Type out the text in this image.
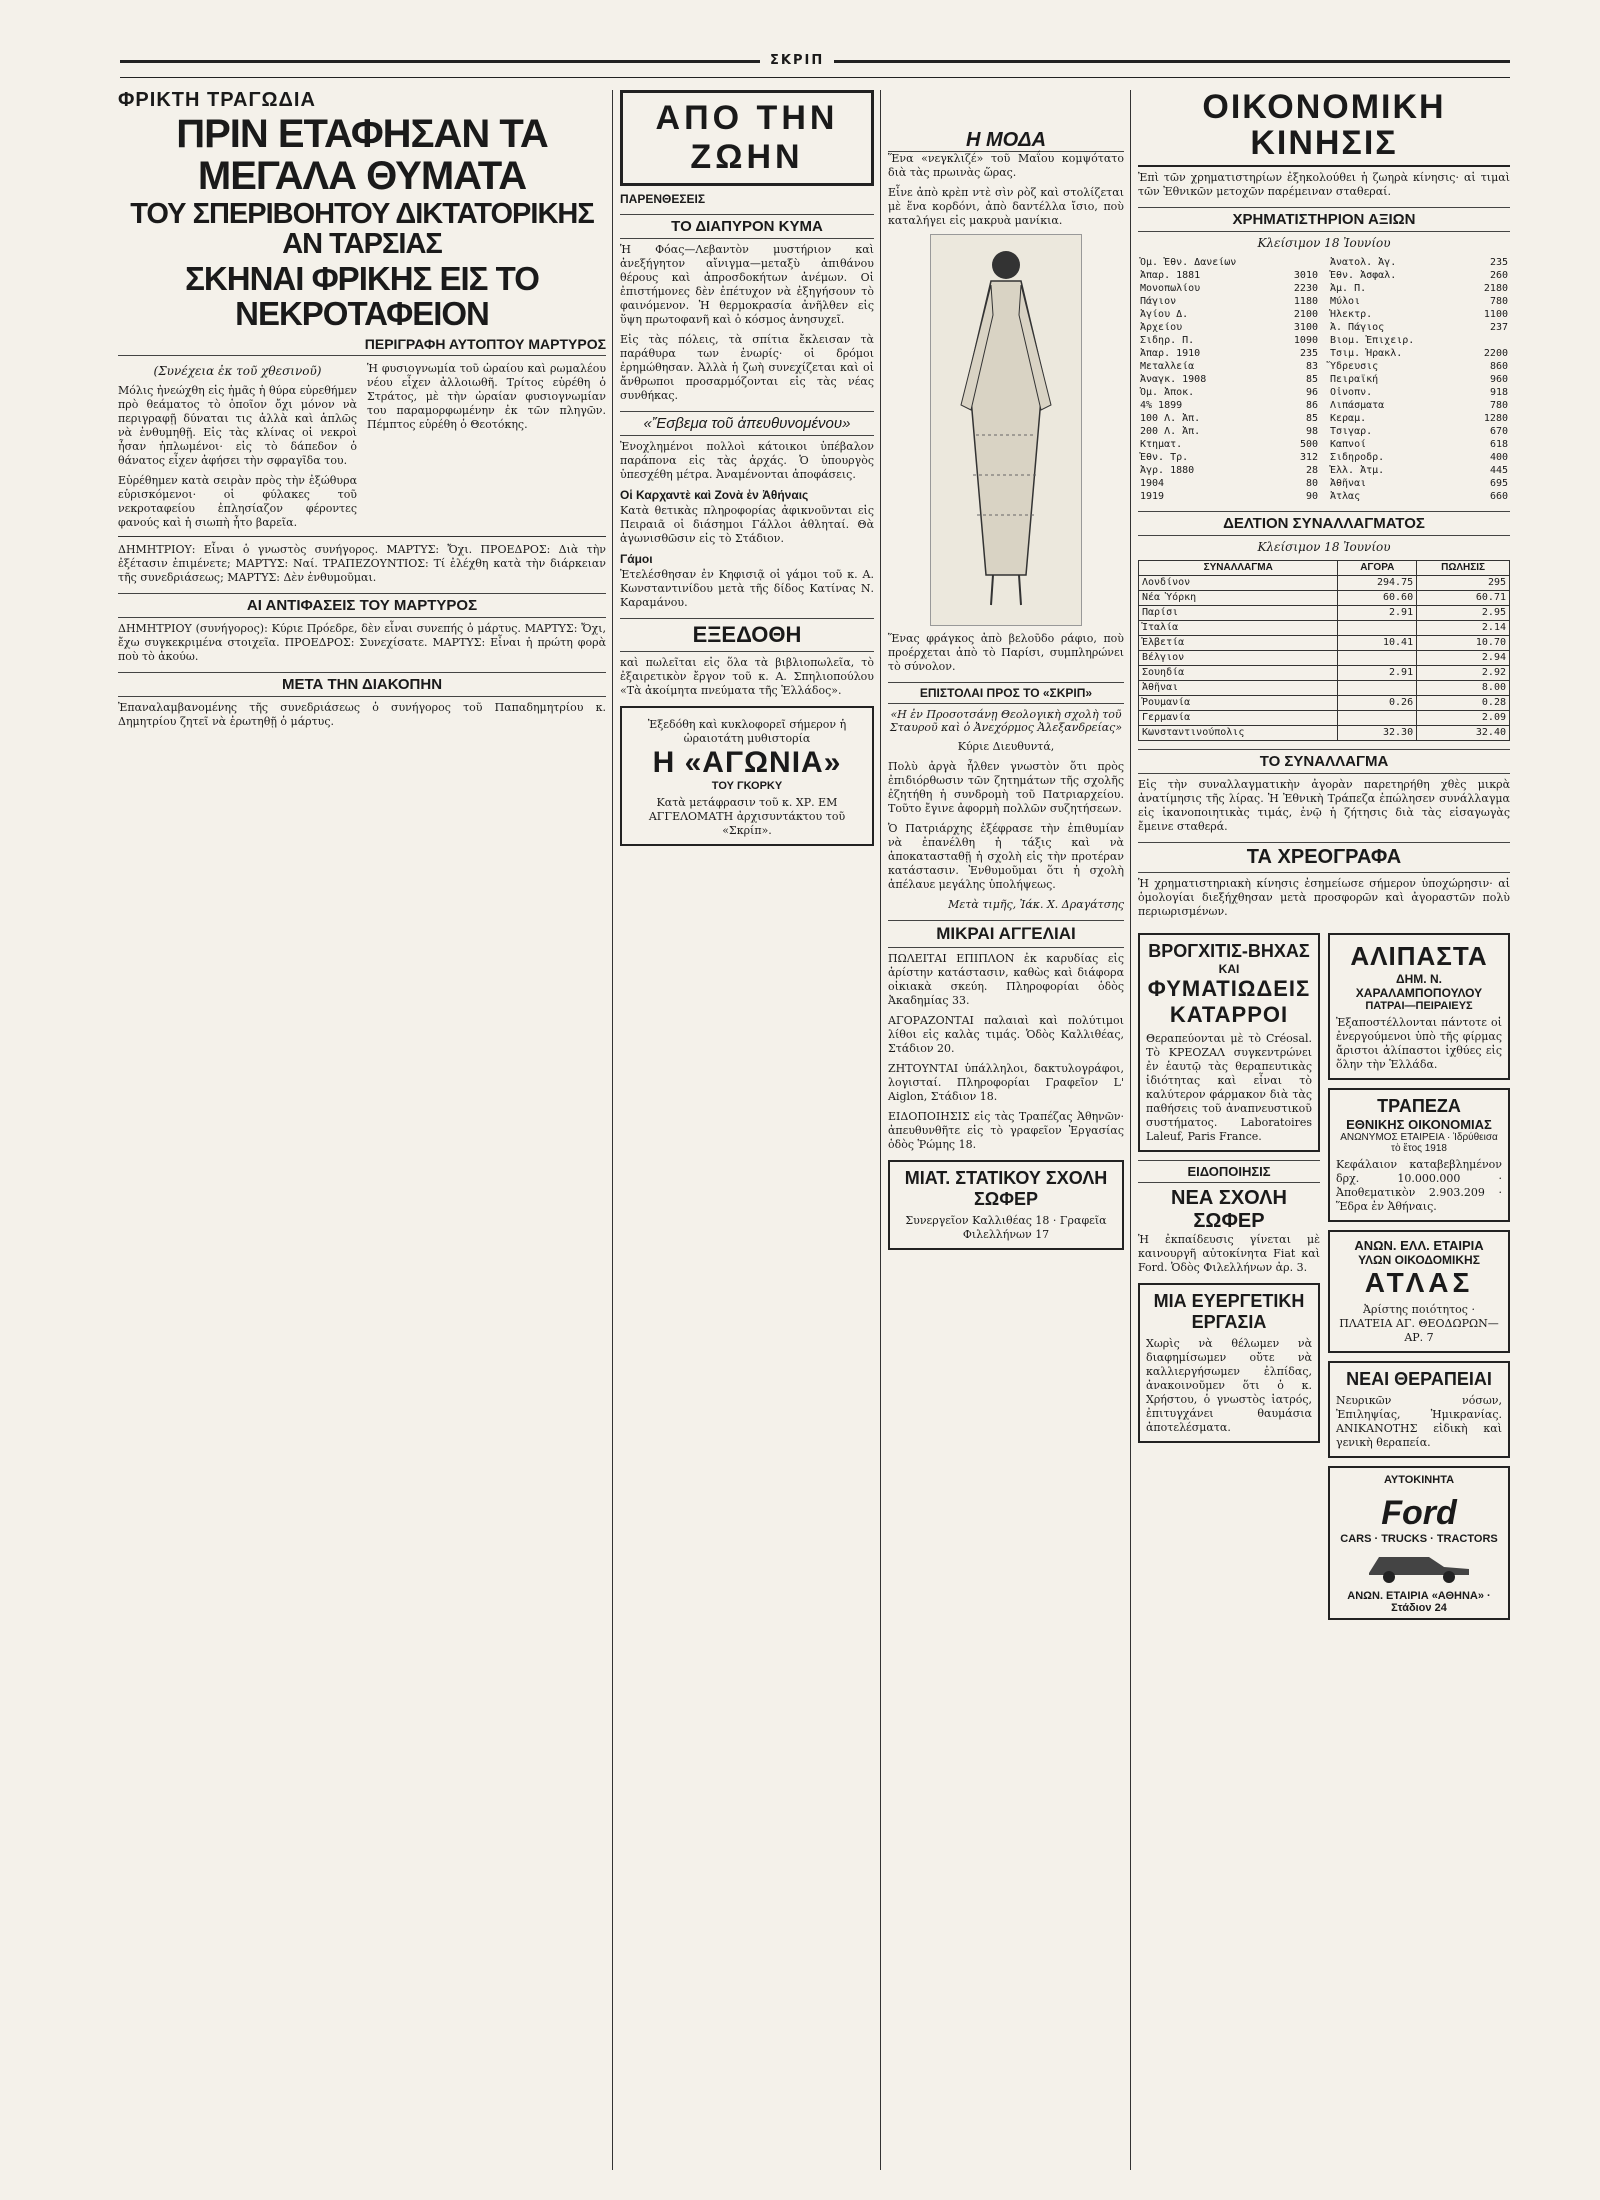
ΣΚΡΙΠ
ΦΡΙΚΤΗ ΤΡΑΓΩΔΙΑ
ΠΡΙΝ ΕΤΑΦΗΣΑΝ ΤΑ ΜΕΓΑΛΑ ΘΥΜΑΤΑ
ΤΟΥ ΣΠΕΡΙΒΟΗΤΟΥ ΔΙΚΤΑΤΟΡΙΚΗΣ ΑΝ ΤΑΡΣΙΑΣ
ΣΚΗΝΑΙ ΦΡΙΚΗΣ ΕΙΣ ΤΟ ΝΕΚΡΟΤΑΦΕΙΟΝ
ΠΕΡΙΓΡΑΦΗ ΑΥΤΟΠΤΟΥ ΜΑΡΤΥΡΟΣ
(Συνέχεια ἐκ τοῦ χθεσινοῦ)

Μόλις ἠνεώχθη εἰς ἡμᾶς ἡ θύρα εὐρεθήμεν πρὸ θεάματος τὸ ὁποῖον ὄχι μόνον νὰ περιγραφῇ δύναται τις ἀλλὰ καὶ ἁπλῶς νὰ ἐνθυμηθῇ. Εἰς τὰς κλίνας οἱ νεκροὶ ἦσαν ἠπλωμένοι· εἰς τὸ δάπεδον ὁ θάνατος εἶχεν ἀφήσει τὴν σφραγῖδα του.

Εὑρέθημεν κατὰ σειρὰν πρὸς τὴν ἐξώθυρα εὑρισκόμενοι· οἱ φύλακες τοῦ νεκροταφείου ἐπλησίαζον φέροντες φανούς καὶ ἡ σιωπὴ ἦτο βαρεῖα.

Ἡ φυσιογνωμία τοῦ ὡραίου καὶ ρωμαλέου νέου εἶχεν ἀλλοιωθῆ. Τρίτος εὑρέθη ὁ Στράτος, μὲ τὴν ὡραίαν φυσιογνωμίαν του παραμορφωμένην ἐκ τῶν πληγῶν. Πέμπτος εὑρέθη ὁ Θεοτόκης.

ΔΗΜΗΤΡΙΟΥ: Εἶναι ὁ γνωστὸς συνήγορος. ΜΑΡΤΥΣ: Ὄχι. ΠΡΟΕΔΡΟΣ: Διὰ τὴν ἐξέτασιν ἐπιμένετε; ΜΑΡΤΥΣ: Ναί. ΤΡΑΠΕΖΟΥΝΤΙΟΣ: Τί ἐλέχθη κατὰ τὴν διάρκειαν τῆς συνεδριάσεως; ΜΑΡΤΥΣ: Δὲν ἐνθυμοῦμαι.

ΑΙ ΑΝΤΙΦΑΣΕΙΣ ΤΟΥ ΜΑΡΤΥΡΟΣ

ΔΗΜΗΤΡΙΟΥ (συνήγορος): Κύριε Πρόεδρε, δὲν εἶναι συνεπής ὁ μάρτυς. ΜΑΡΤΥΣ: Ὄχι, ἔχω συγκεκριμένα στοιχεῖα. ΠΡΟΕΔΡΟΣ: Συνεχίσατε. ΜΑΡΤΥΣ: Εἶναι ἡ πρώτη φορὰ ποὺ τὸ ἀκούω.

ΜΕΤΑ ΤΗΝ ΔΙΑΚΟΠΗΝ

Ἐπαναλαμβανομένης τῆς συνεδριάσεως ὁ συνήγορος τοῦ Παπαδημητρίου κ. Δημητρίου ζητεῖ νὰ ἐρωτηθῇ ὁ μάρτυς.

ΑΠΟ ΤΗΝ ΖΩΗΝ
ΠΑΡΕΝΘΕΣΕΙΣ
ΤΟ ΔΙΑΠΥΡΟΝ ΚΥΜΑ

Ἡ Φόας—Λεβαντὸν μυστήριον καὶ ἀνεξήγητον αἴνιγμα—μεταξὺ ἀπιθάνου θέρους καὶ ἀπροσδοκήτων ἀνέμων. Οἱ ἐπιστήμονες δὲν ἐπέτυχον νὰ ἐξηγήσουν τὸ φαινόμενον. Ἡ θερμοκρασία ἀνῆλθεν εἰς ὕψη πρωτοφανῆ καὶ ὁ κόσμος ἀνησυχεῖ.

Εἰς τὰς πόλεις, τὰ σπίτια ἔκλεισαν τὰ παράθυρα των ἐνωρίς· οἱ δρόμοι ἐρημώθησαν. Ἀλλὰ ἡ ζωὴ συνεχίζεται καὶ οἱ ἄνθρωποι προσαρμόζονται εἰς τὰς νέας συνθήκας.

«Ἔσβεμα τοῦ ἀπευθυνομένου»

Ἐνοχλημένοι πολλοὶ κάτοικοι ὑπέβαλον παράπονα εἰς τὰς ἀρχάς. Ὁ ὑπουργὸς ὑπεσχέθη μέτρα. Ἀναμένονται ἀποφάσεις.

Οἱ Καρχαντὲ καὶ Ζονὰ ἐν Ἀθήναις

Κατὰ θετικὰς πληροφορίας ἀφικνοῦνται εἰς Πειραιᾶ οἱ διάσημοι Γάλλοι ἀθληταί. Θὰ ἀγωνισθῶσιν εἰς τὸ Στάδιον.

Γάμοι

Ἐτελέσθησαν ἐν Κηφισιᾷ οἱ γάμοι τοῦ κ. Α. Κωνσταντινίδου μετὰ τῆς δίδος Κατίνας Ν. Καραμάνου.

ΕΞΕΔΟΘΗ

καὶ πωλεῖται εἰς ὅλα τὰ βιβλιοπωλεῖα, τὸ ἐξαιρετικὸν ἔργον τοῦ κ. Α. Σπηλιοπούλου «Τὰ ἀκοίμητα πνεύματα τῆς Ἑλλάδος».

Ἐξεδόθη καὶ κυκλοφορεῖ σήμερον ἡ ὡραιοτάτη μυθιστορία
Η «ΑΓΩΝΙΑ»
ΤΟΥ ΓΚΟΡΚΥ
Κατὰ μετάφρασιν τοῦ κ. ΧΡ. ΕΜ ΑΓΓΕΛΟΜΑΤΗ ἀρχισυντάκτου τοῦ «Σκρίπ».
Η ΜΟΔΑ

Ἕνα «νεγκλιζέ» τοῦ Μαΐου κομψότατο διὰ τὰς πρωινὰς ὥρας.

Εἶνε ἀπὸ κρὲπ ντὲ σὶν ρὸζ καὶ στολίζεται μὲ ἕνα κορδόνι, ἀπὸ δαντέλλα ἴσιο, ποὺ καταλήγει εἰς μακρυὰ μανίκια.

Ἕνας φράγκος ἀπὸ βελοῦδο ράφιο, ποὺ προέρχεται ἀπὸ τὸ Παρίσι, συμπληρώνει τὸ σύνολον.

ΕΠΙΣΤΟΛΑΙ ΠΡΟΣ ΤΟ «ΣΚΡΙΠ»
«Η ἐν Προσοτσάνῃ Θεολογικὴ σχολὴ τοῦ Σταυροῦ καὶ ὁ Ἀνεχόρμος Ἀλεξανδρείας»
Κύριε Διευθυντά,

Πολὺ ἀργὰ ἦλθεν γνωστὸν ὅτι πρὸς ἐπιδιόρθωσιν τῶν ζητημάτων τῆς σχολῆς ἐζητήθη ἡ συνδρομὴ τοῦ Πατριαρχείου. Τοῦτο ἔγινε ἀφορμὴ πολλῶν συζητήσεων.

Ὁ Πατριάρχης ἐξέφρασε τὴν ἐπιθυμίαν νὰ ἐπανέλθη ἡ τάξις καὶ νὰ ἀποκατασταθῇ ἡ σχολὴ εἰς τὴν προτέραν κατάστασιν. Ἐνθυμοῦμαι ὅτι ἡ σχολὴ ἀπέλαυε μεγάλης ὑπολήψεως.

Μετὰ τιμῆς, Ἰάκ. Χ. Δραγάτσης
ΜΙΚΡΑΙ ΑΓΓΕΛΙΑΙ

ΠΩΛΕΙΤΑΙ ΕΠΙΠΛΟΝ ἐκ καρυδίας εἰς ἀρίστην κατάστασιν, καθὼς καὶ διάφορα οἰκιακὰ σκεύη. Πληροφορίαι ὁδὸς Ἀκαδημίας 33.

ΑΓΟΡΑΖΟΝΤΑΙ παλαιαὶ καὶ πολύτιμοι λίθοι εἰς καλὰς τιμάς. Ὁδὸς Καλλιθέας, Στάδιον 20.

ΖΗΤΟΥΝΤΑΙ ὑπάλληλοι, δακτυλογράφοι, λογισταί. Πληροφορίαι Γραφεῖον L' Aiglon, Στάδιον 18.

ΕΙΔΟΠΟΙΗΣΙΣ εἰς τὰς Τραπέζας Ἀθηνῶν· ἀπευθυνθῆτε εἰς τὸ γραφεῖον Ἐργασίας ὁδὸς Ῥώμης 18.

ΜΙΑΤ. ΣΤΑΤΙΚΟΥ ΣΧΟΛΗ ΣΩΦΕΡ
Συνεργεῖον Καλλιθέας 18 · Γραφεῖα Φιλελλήνων 17
ΟΙΚΟΝΟΜΙΚΗ ΚΙΝΗΣΙΣ

Ἐπὶ τῶν χρηματιστηρίων ἐξηκολούθει ἡ ζωηρὰ κίνησις· αἱ τιμαὶ τῶν Ἐθνικῶν μετοχῶν παρέμειναν σταθεραί.

ΧΡΗΜΑΤΙΣΤΗΡΙΟΝ ΑΞΙΩΝ
Κλείσιμον 18 Ἰουνίου
Ὁμ. Ἐθν. Δανείων	
Ἀπαρ. 1881	3010
Μονοπωλίου	2230
Πάγιον	1180
Ἀγίου Δ.	2100
Ἀρχείου	3100
Σιδηρ. Π.	1090
Ἀπαρ. 1910	235
Μεταλλεία	83
Ἀναγκ. 1908	85
Ὀμ. Ἀποκ.	96
4% 1899	86
100 Λ. Ἀπ.	85
200 Λ. Ἀπ.	98
Κτηματ.	500
Ἐθν. Τρ.	312
Ἀγρ. 1880	28
1904	80
1919	90
Ἀνατολ. Ἀγ.	235
Ἐθν. Ἀσφαλ.	260
Ἀμ. Π.	2180
Μύλοι	780
Ἠλεκτρ.	1100
Ἀ. Πάγιος	237
Βιομ. Ἐπιχειρ.	
Τσιμ. Ἡρακλ.	2200
Ὕδρευσις	860
Πειραϊκή	960
Οἰνοπν.	918
Λιπάσματα	780
Κεραμ.	1280
Τσιγαρ.	670
Καπνοί	618
Σιδηροδρ.	400
Ἑλλ. Ἀτμ.	445
Ἀθῆναι	695
Ἀτλας	660
ΔΕΛΤΙΟΝ ΣΥΝΑΛΛΑΓΜΑΤΟΣ
Κλείσιμον 18 Ἰουνίου
ΣΥΝΑΛΛΑΓΜΑ	ΑΓΟΡΑ	ΠΩΛΗΣΙΣ
Λονδίνον	294.75	295
Νέα Ὑόρκη	60.60	60.71
Παρίσι	2.91	2.95
Ἰταλία		2.14
Ἑλβετία	10.41	10.70
Βέλγιον		2.94
Σουηδία	2.91	2.92
Ἀθῆναι		8.00
Ῥουμανία	0.26	0.28
Γερμανία		2.09
Κωνσταντινούπολις	32.30	32.40
ΤΟ ΣΥΝΑΛΛΑΓΜΑ

Εἰς τὴν συναλλαγματικὴν ἀγορὰν παρετηρήθη χθὲς μικρὰ ἀνατίμησις τῆς λίρας. Ἡ Ἐθνικὴ Τράπεζα ἐπώλησεν συνάλλαγμα εἰς ἱκανοποιητικὰς τιμάς, ἐνῷ ἡ ζήτησις διὰ τὰς εἰσαγωγὰς ἔμεινε σταθερά.

ΤΑ ΧΡΕΟΓΡΑΦΑ

Ἡ χρηματιστηριακὴ κίνησις ἐσημείωσε σήμερον ὑποχώρησιν· αἱ ὁμολογίαι διεξήχθησαν μετὰ προσφορῶν καὶ ἀγοραστῶν πολὺ περιωρισμένων.

ΒΡΟΓΧΙΤΙΣ-ΒΗΧΑΣ
ΚΑΙ
ΦΥΜΑΤΙΩΔΕΙΣ ΚΑΤΑΡΡΟΙ
Θεραπεύονται μὲ τὸ Créosal. Τὸ ΚΡΕΟΖΑΛ συγκεντρώνει ἐν ἑαυτῷ τὰς θεραπευτικὰς ἰδιότητας καὶ εἶναι τὸ καλύτερον φάρμακον διὰ τὰς παθήσεις τοῦ ἀναπνευστικοῦ συστήματος. Laboratoires Laleuf, Paris France.
ΕΙΔΟΠΟΙΗΣΙΣ
ΝΕΑ ΣΧΟΛΗ ΣΩΦΕΡ

Ἡ ἐκπαίδευσις γίνεται μὲ καινουργῆ αὐτοκίνητα Fiat καὶ Ford. Ὁδὸς Φιλελλήνων ἀρ. 3.

ΜΙΑ ΕΥΕΡΓΕΤΙΚΗ ΕΡΓΑΣΙΑ
Χωρὶς νὰ θέλωμεν νὰ διαφημίσωμεν οὔτε νὰ καλλιεργήσωμεν ἐλπίδας, ἀνακοινοῦμεν ὅτι ὁ κ. Χρήστου, ὁ γνωστὸς ἰατρός, ἐπιτυγχάνει θαυμάσια ἀποτελέσματα.
ΑΛΙΠΑΣΤΑ
ΔΗΜ. Ν. ΧΑΡΑΛΑΜΠΟΠΟΥΛΟΥ
ΠΑΤΡΑΙ—ΠΕΙΡΑΙΕΥΣ
Ἐξαποστέλλονται πάντοτε οἱ ἐνεργούμενοι ὑπὸ τῆς φίρμας ἄριστοι ἀλίπαστοι ἰχθύες εἰς ὅλην τὴν Ἑλλάδα.
ΤΡΑΠΕΖΑ
ΕΘΝΙΚΗΣ ΟΙΚΟΝΟΜΙΑΣ
ΑΝΩΝΥΜΟΣ ΕΤΑΙΡΕΙΑ · Ἱδρύθεισα τὸ ἔτος 1918
Κεφάλαιον καταβεβλημένον δρχ. 10.000.000 · Ἀποθεματικὸν 2.903.209 · Ἕδρα ἐν Ἀθήναις.
ΑΝΩΝ. ΕΛΛ. ΕΤΑΙΡΙΑ
ΥΛΩΝ ΟΙΚΟΔΟΜΙΚΗΣ
ΑΤΛΑΣ
Ἀρίστης ποιότητος · ΠΛΑΤΕΙΑ ΑΓ. ΘΕΟΔΩΡΩΝ—ΑΡ. 7
ΝΕΑΙ ΘΕΡΑΠΕΙΑΙ
Νευρικῶν νόσων, Ἐπιληψίας, Ἡμικρανίας. ΑΝΙΚΑΝΟΤΗΣ εἰδικὴ καὶ γενικὴ θεραπεία.
ΑΥΤΟΚΙΝΗΤΑ
Ford
CARS · TRUCKS · TRACTORS
ΑΝΩΝ. ΕΤΑΙΡΙΑ «ΑΘΗΝΑ» · Στάδιον 24
